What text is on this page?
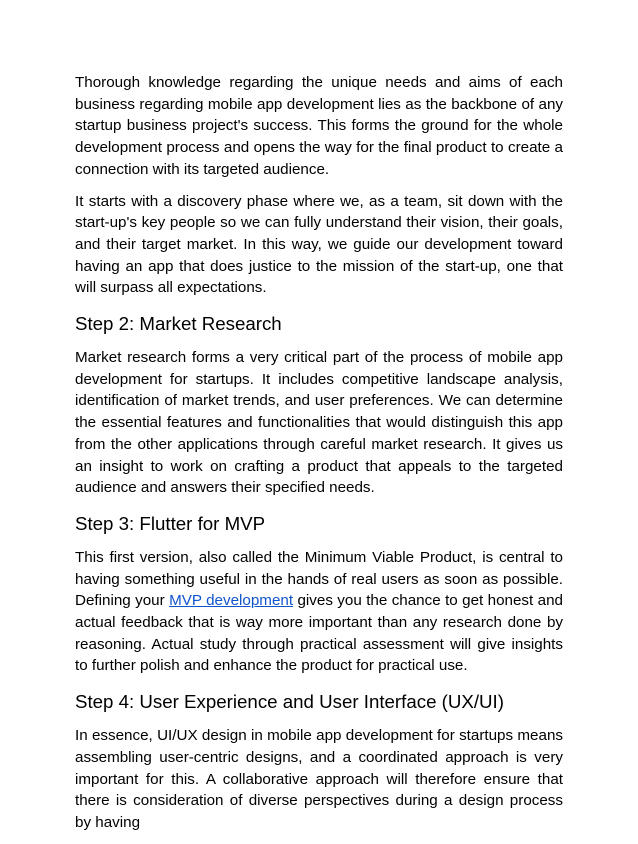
Thorough knowledge regarding the unique needs and aims of each business regarding mobile app development lies as the backbone of any startup business project's success. This forms the ground for the whole development process and opens the way for the final product to create a connection with its targeted audience.

It starts with a discovery phase where we, as a team, sit down with the start-up's key people so we can fully understand their vision, their goals, and their target market. In this way, we guide our development toward having an app that does justice to the mission of the start-up, one that will surpass all expectations.

Step 2: Market Research

Market research forms a very critical part of the process of mobile app development for startups. It includes competitive landscape analysis, identification of market trends, and user preferences. We can determine the essential features and functionalities that would distinguish this app from the other applications through careful market research. It gives us an insight to work on crafting a product that appeals to the targeted audience and answers their specified needs.

Step 3: Flutter for MVP

This first version, also called the Minimum Viable Product, is central to having something useful in the hands of real users as soon as possible. Defining your MVP development gives you the chance to get honest and actual feedback that is way more important than any research done by reasoning. Actual study through practical assessment will give insights to further polish and enhance the product for practical use.

Step 4: User Experience and User Interface (UX/UI)

In essence, UI/UX design in mobile app development for startups means assembling user-centric designs, and a coordinated approach is very important for this. A collaborative approach will therefore ensure that there is consideration of diverse perspectives during a design process by having
